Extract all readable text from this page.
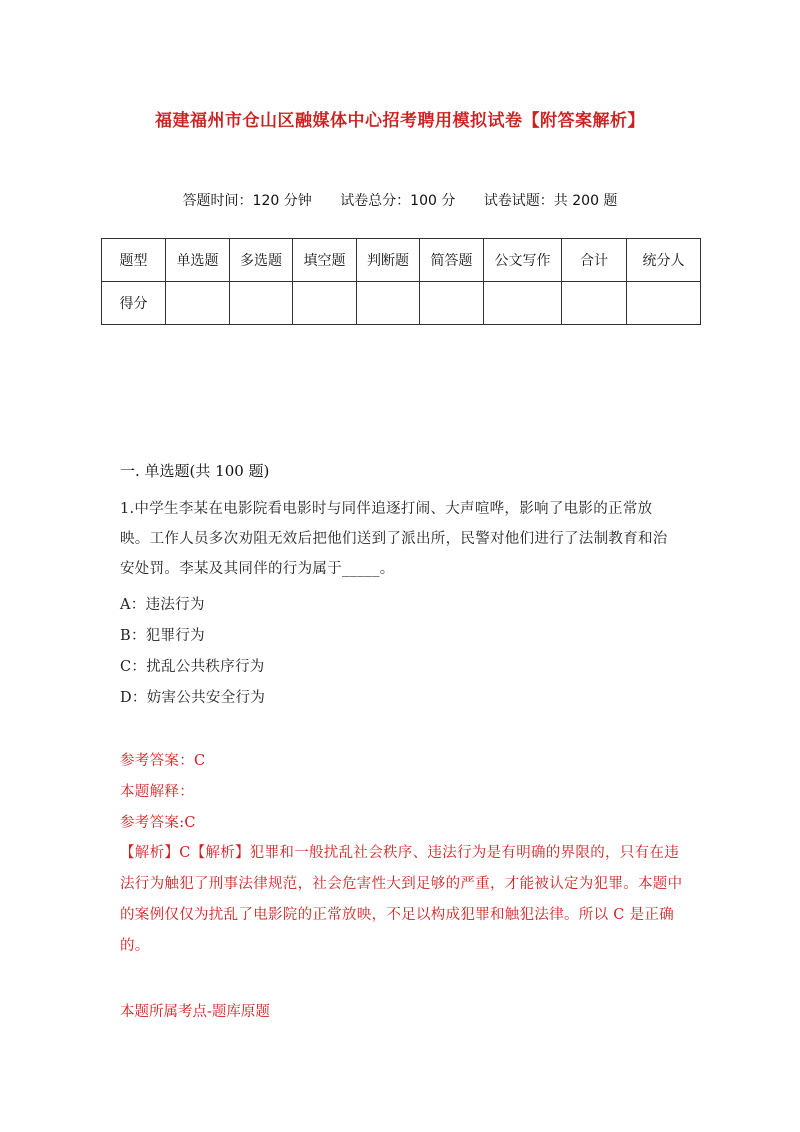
福建福州市仓山区融媒体中心招考聘用模拟试卷【附答案解析】
答题时间：120 分钟 试卷总分：100 分 试卷试题：共 200 题
题型	单选题	多选题	填空题	判断题	简答题	公文写作	合计	统分人
得分								
一. 单选题(共 100 题)
1.中学生李某在电影院看电影时与同伴追逐打闹、大声喧哗，影响了电影的正常放映。工作人员多次劝阻无效后把他们送到了派出所，民警对他们进行了法制教育和治安处罚。李某及其同伴的行为属于_____。
A：违法行为
B：犯罪行为
C：扰乱公共秩序行为
D：妨害公共安全行为
参考答案：C
本题解释：
参考答案:C
【解析】C【解析】犯罪和一般扰乱社会秩序、违法行为是有明确的界限的，只有在违法行为触犯了刑事法律规范，社会危害性大到足够的严重，才能被认定为犯罪。本题中的案例仅仅为扰乱了电影院的正常放映，不足以构成犯罪和触犯法律。所以 C 是正确的。
本题所属考点-题库原题
